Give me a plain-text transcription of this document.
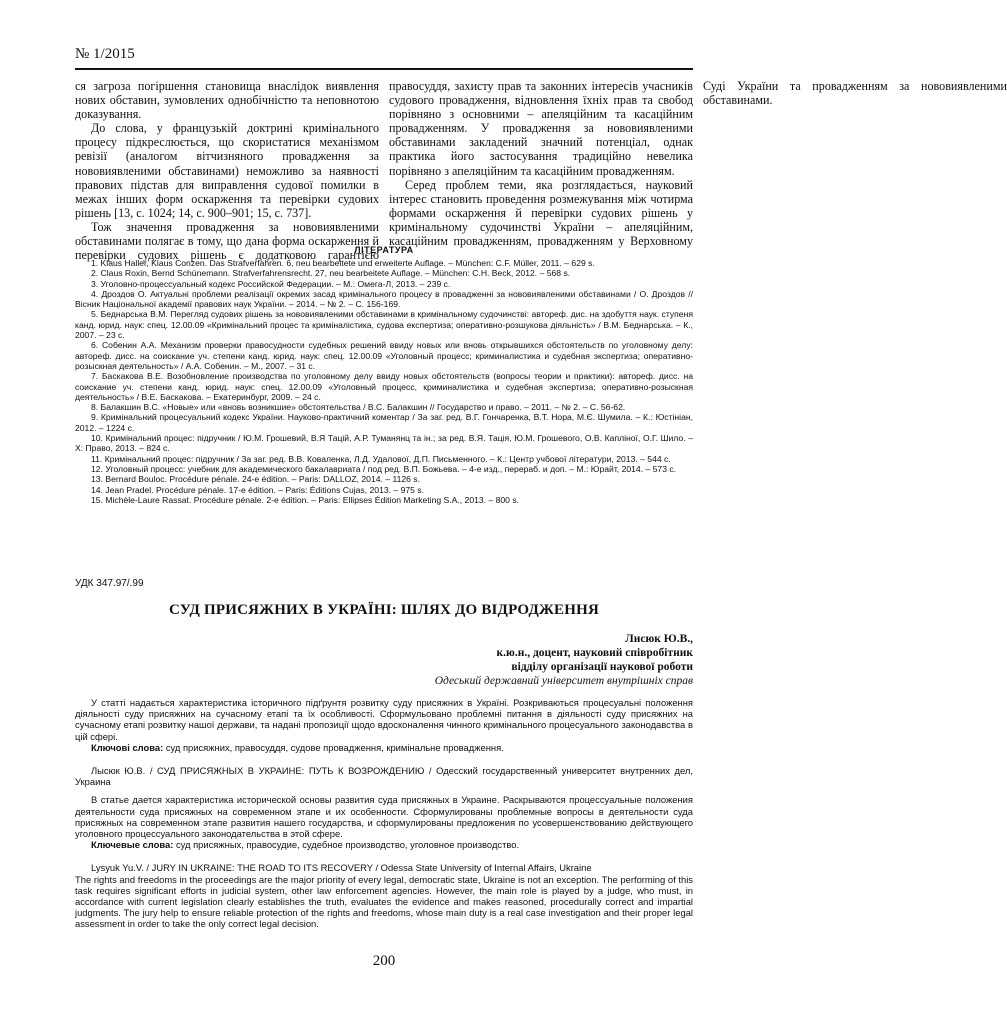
№ 1/2015

ся загроза погіршення становища внаслідок виявлення нових обставин, зумовлених однобічністю та неповнотою доказування.

До слова, у французькій доктрині кримінального процесу підкреслюється, що скористатися механізмом ревізії (аналогом вітчизняного провадження за нововиявленими обставинами) неможливо за наявності правових підстав для виправлення судової помилки в межах інших форм оскарження та перевірки судових рішень [13, с. 1024; 14, с. 900–901; 15, с. 737].

Тож значення провадження за нововиявленими обставинами полягає в тому, що дана форма оскарження й перевірки судових рішень є додатковою гарантією правосуддя, захисту прав та законних інтересів учасників судового провадження, відновлення їхніх прав та свобод порівняно з основними – апеляційним та касаційним провадженням. У провадження за нововиявленими обставинами закладений значний потенціал, однак практика його застосування традиційно невелика порівняно з апеляційним та касаційним провадженням.

Серед проблем теми, яка розглядається, науковий інтерес становить проведення розмежування між чотирма формами оскарження й перевірки судових рішень у кримінальному судочинстві України – апеляційним, касаційним провадженням, провадженням у Верховному Суді України та провадженням за нововиявленими обставинами.

ЛІТЕРАТУРА

1. Klaus Haller, Klaus Conzen. Das Strafverfahren. 6, neu bearbeitete und erweiterte Auflage. – München: C.F. Müller, 2011. – 629 s.

2. Claus Roxin, Bernd Schünemann. Strafverfahrensrecht. 27, neu bearbeitete Auflage. – München: C.H. Beck, 2012. – 568 s.

3. Уголовно-процессуальный кодекс Российской Федерации. – М.: Омега-Л, 2013. – 239 с.

4. Дроздов О. Актуальні проблеми реалізації окремих засад кримінального процесу в провадженні за нововиявленими обставинами / О. Дроздов // Вісник Національної академії правових наук України. – 2014. – № 2. – С. 156-169.

5. Беднарська В.М. Перегляд судових рішень за нововиявленими обставинами в кримінальному судочинстві: автореф. дис. на здобуття наук. ступеня канд. юрид. наук: спец. 12.00.09 «Кримінальний процес та криміналістика, судова експертиза; оперативно-розшукова діяльність» / В.М. Беднарська. – К., 2007. – 23 с.

6. Собенин А.А. Механизм проверки правосудности судебных решений ввиду новых или вновь открывшихся обстоятельств по уголовному делу: автореф. дисс. на соискание уч. степени канд. юрид. наук: спец. 12.00.09 «Уголовный процесс; криминалистика и судебная экспертиза; оперативно-розыскная деятельность» / А.А. Собенин. – М., 2007. – 31 с.

7. Баскакова В.Е. Возобновление производства по уголовному делу ввиду новых обстоятельств (вопросы теории и практики): автореф. дисс. на соискание уч. степени канд. юрид. наук: спец. 12.00.09 «Уголовный процесс, криминалистика и судебная экспертиза; оперативно-розыскная деятельность» / В.Е. Баскакова. – Екатеринбург, 2009. – 24 с.

8. Балакшин В.С. «Новые» или «вновь возникшие» обстоятельства / В.С. Балакшин // Государство и право. – 2011. – № 2. – С. 56-62.

9. Кримінальний процесуальний кодекс України. Науково-практичний коментар / За заг. ред. В.Г. Гончаренка, В.Т. Нора, М.Є. Шумила. – К.: Юстініан, 2012. – 1224 с.

10. Кримінальний процес: підручник / Ю.М. Грошевий, В.Я Тацій, А.Р. Туманянц та ін.; за ред. В.Я. Тація, Ю.М. Грошевого, О.В. Капліної, О.Г. Шило. – Х: Право, 2013. – 824 с.

11. Кримінальний процес: підручник / За заг. ред. В.В. Коваленка, Л.Д. Удалової, Д.П. Письменного. – К.: Центр учбової літератури, 2013. – 544 с.

12. Уголовный процесс: учебник для академического бакалавриата / под ред. В.П. Божьева. – 4-е изд., перераб. и доп. – М.: Юрайт, 2014. – 573 с.

13. Bernard Bouloc. Procédure pénale. 24-e édition. – Paris: DALLOZ, 2014. – 1126 s.

14. Jean Pradel. Procédure pénale. 17-e édition. – Paris: Éditions Cujas, 2013. – 975 s.

15. Michèle-Laure Rassat. Procédure pénale. 2-e édition. – Paris: Ellipses Édition Marketing S.A., 2013. – 800 s.

УДК 347.97/.99
СУД ПРИСЯЖНИХ В УКРАЇНІ: ШЛЯХ ДО ВІДРОДЖЕННЯ
Лисюк Ю.В.,
к.ю.н., доцент, науковий співробітник
відділу організації наукової роботи
Одеський державний університет внутрішніх справ

У статті надається характеристика історичного підґрунтя розвитку суду присяжних в Україні. Розкриваються процесуальні положення діяльності суду присяжних на сучасному етапі та їх особливості. Сформульовано проблемні питання в діяльності суду присяжних на сучасному етапі розвитку нашої держави, та надані пропозиції щодо вдосконалення чинного кримінального процесуального законодавства в цій сфері.

Ключові слова: суд присяжних, правосуддя, судове провадження, кримінальне провадження.

Лысюк Ю.В. / СУД ПРИСЯЖНЫХ В УКРАИНЕ: ПУТЬ К ВОЗРОЖДЕНИЮ / Одесский государственный университет внутренних дел, Украина

В статье дается характеристика исторической основы развития суда присяжных в Украине. Раскрываются процессуальные положения деятельности суда присяжных на современном этапе и их особенности. Сформулированы проблемные вопросы в деятельности суда присяжных на современном этапе развития нашего государства, и сформулированы предложения по усовершенствованию действующего уголовного процессуального законодательства в этой сфере.

Ключевые слова: суд присяжных, правосудие, судебное производство, уголовное производство.

Lysyuk Yu.V. / JURY IN UKRAINE: THE ROAD TO ITS RECOVERY / Odessa State University of Internal Affairs, Ukraine

The rights and freedoms in the proceedings are the major priority of every legal, democratic state, Ukraine is not an exception. The performing of this task requires significant efforts in judicial system, other law enforcement agencies. However, the main role is played by a judge, who must, in accordance with current legislation clearly establishes the truth, evaluates the evidence and makes reasoned, procedurally correct and impartial judgments. The jury help to ensure reliable protection of the rights and freedoms, whose main duty is a real case investigation and their proper legal assessment in order to take the only correct legal decision.

200
